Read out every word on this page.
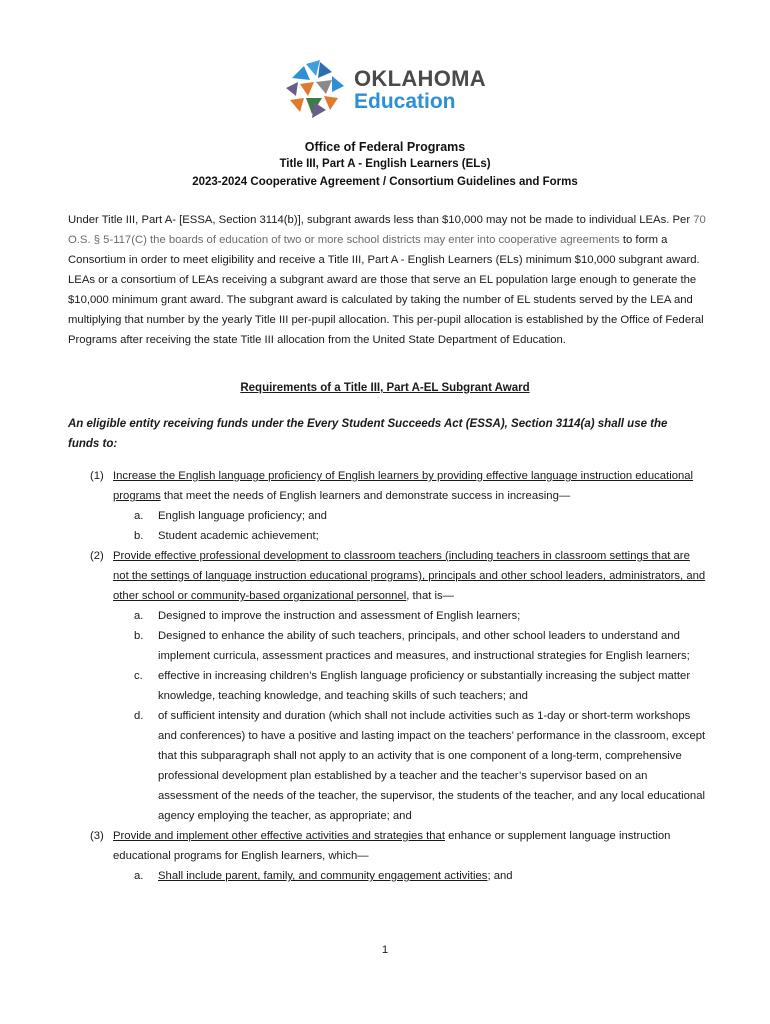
OKLAHOMA
Education
Office of Federal Programs
Title III, Part A - English Learners (ELs)
2023-2024 Cooperative Agreement / Consortium Guidelines and Forms
Under Title III, Part A- [ESSA, Section 3114(b)], subgrant awards less than $10,000 may not be made to individual LEAs. Per 70 O.S. § 5-117(C) the boards of education of two or more school districts may enter into cooperative agreements to form a Consortium in order to meet eligibility and receive a Title III, Part A - English Learners (ELs) minimum $10,000 subgrant award. LEAs or a consortium of LEAs receiving a subgrant award are those that serve an EL population large enough to generate the $10,000 minimum grant award. The subgrant award is calculated by taking the number of EL students served by the LEA and multiplying that number by the yearly Title III per-pupil allocation. This per-pupil allocation is established by the Office of Federal Programs after receiving the state Title III allocation from the United State Department of Education.
Requirements of a Title III, Part A-EL Subgrant Award
An eligible entity receiving funds under the Every Student Succeeds Act (ESSA), Section 3114(a) shall use the funds to:
(1) Increase the English language proficiency of English learners by providing effective language instruction educational programs that meet the needs of English learners and demonstrate success in increasing—
a. English language proficiency; and
b. Student academic achievement;
(2) Provide effective professional development to classroom teachers (including teachers in classroom settings that are not the settings of language instruction educational programs), principals and other school leaders, administrators, and other school or community-based organizational personnel, that is—
a. Designed to improve the instruction and assessment of English learners;
b. Designed to enhance the ability of such teachers, principals, and other school leaders to understand and implement curricula, assessment practices and measures, and instructional strategies for English learners;
c. effective in increasing children’s English language proficiency or substantially increasing the subject matter knowledge, teaching knowledge, and teaching skills of such teachers; and
d. of sufficient intensity and duration (which shall not include activities such as 1-day or short-term workshops and conferences) to have a positive and lasting impact on the teachers’ performance in the classroom, except that this subparagraph shall not apply to an activity that is one component of a long-term, comprehensive professional development plan established by a teacher and the teacher’s supervisor based on an assessment of the needs of the teacher, the supervisor, the students of the teacher, and any local educational agency employing the teacher, as appropriate; and
(3) Provide and implement other effective activities and strategies that enhance or supplement language instruction educational programs for English learners, which—
a. Shall include parent, family, and community engagement activities; and
1
